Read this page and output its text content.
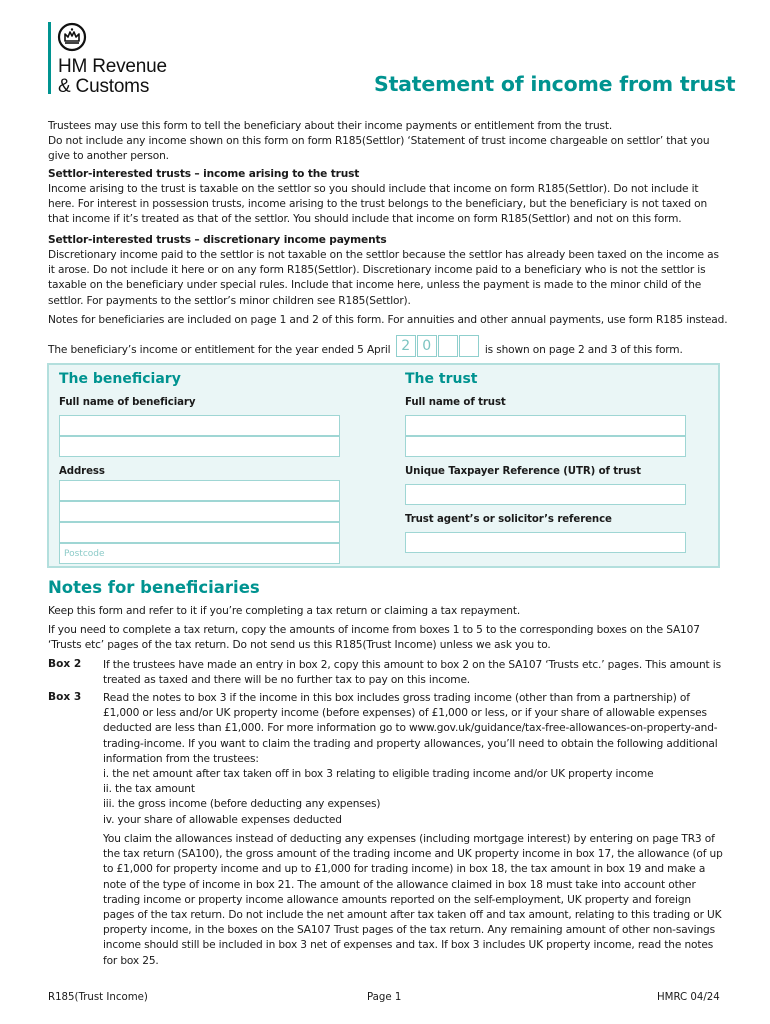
HM Revenue
& Customs	Statement of income from trust
Trustees may use this form to tell the beneficiary about their income payments or entitlement from the trust.
Do not include any income shown on this form on form R185(Settlor) ‘Statement of trust income chargeable on settlor’ that you give to another person.
Settlor-interested trusts – income arising to the trust
Income arising to the trust is taxable on the settlor so you should include that income on form R185(Settlor). Do not include it here. For interest in possession trusts, income arising to the trust belongs to the beneficiary, but the beneficiary is not taxed on that income if it’s treated as that of the settlor. You should include that income on form R185(Settlor) and not on this form.
Settlor-interested trusts – discretionary income payments
Discretionary income paid to the settlor is not taxable on the settlor because the settlor has already been taxed on the income as it arose. Do not include it here or on any form R185(Settlor). Discretionary income paid to a beneficiary who is not the settlor is taxable on the beneficiary under special rules. Include that income here, unless the payment is made to the minor child of the settlor. For payments to the settlor’s minor children see R185(Settlor).
Notes for beneficiaries are included on page 1 and 2 of this form. For annuities and other annual payments, use form R185 instead.
The beneficiary’s income or entitlement for the year ended 5 April 2 0	is shown on page 2 and 3 of this form.
The beneficiary
Full name of beneficiary
Address
Postcode
The trust
Full name of trust
Unique Taxpayer Reference (UTR) of trust
Trust agent’s or solicitor’s reference
Notes for beneficiaries
Keep this form and refer to it if you’re completing a tax return or claiming a tax repayment.
If you need to complete a tax return, copy the amounts of income from boxes 1 to 5 to the corresponding boxes on the SA107 ‘Trusts etc’ pages of the tax return. Do not send us this R185(Trust Income) unless we ask you to.
Box 2 If the trustees have made an entry in box 2, copy this amount to box 2 on the SA107 ‘Trusts etc.’ pages. This amount is treated as taxed and there will be no further tax to pay on this income.
Box 3 Read the notes to box 3 if the income in this box includes gross trading income (other than from a partnership) of £1,000 or less and/or UK property income (before expenses) of £1,000 or less, or if your share of allowable expenses deducted are less than £1,000. For more information go to www.gov.uk/guidance/tax-free-allowances-on-property-and-trading-income. If you want to claim the trading and property allowances, you’ll need to obtain the following additional information from the trustees:
i. the net amount after tax taken off in box 3 relating to eligible trading income and/or UK property income
ii. the tax amount
iii. the gross income (before deducting any expenses)
iv. your share of allowable expenses deducted
You claim the allowances instead of deducting any expenses (including mortgage interest) by entering on page TR3 of the tax return (SA100), the gross amount of the trading income and UK property income in box 17, the allowance (of up to £1,000 for property income and up to £1,000 for trading income) in box 18, the tax amount in box 19 and make a note of the type of income in box 21. The amount of the allowance claimed in box 18 must take into account other trading income or property income allowance amounts reported on the self-employment, UK property and foreign pages of the tax return. Do not include the net amount after tax taken off and tax amount, relating to this trading or UK property income, in the boxes on the SA107 Trust pages of the tax return. Any remaining amount of other non-savings income should still be included in box 3 net of expenses and tax. If box 3 includes UK property income, read the notes for box 25.
R185(Trust Income)	Page 1	HMRC 04/24
